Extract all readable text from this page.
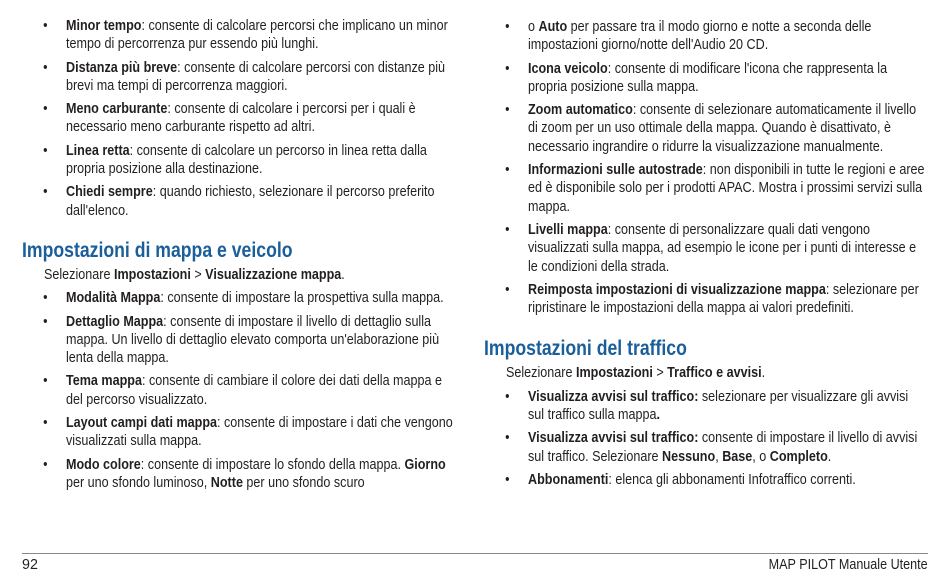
• Minor tempo: consente di calcolare percorsi che implicano un minor tempo di percorrenza pur essendo più lunghi.
• Distanza più breve: consente di calcolare percorsi con distanze più brevi ma tempi di percorrenza maggiori.
• Meno carburante: consente di calcolare i percorsi per i quali è necessario meno carburante rispetto ad altri.
• Linea retta: consente di calcolare un percorso in linea retta dalla propria posizione alla destinazione.
• Chiedi sempre: quando richiesto, selezionare il percorso preferito dall'elenco.
Impostazioni di mappa e veicolo
Selezionare Impostazioni > Visualizzazione mappa.
• Modalità Mappa: consente di impostare la prospettiva sulla mappa.
• Dettaglio Mappa: consente di impostare il livello di dettaglio sulla mappa. Un livello di dettaglio elevato comporta un'elaborazione più lenta della mappa.
• Tema mappa: consente di cambiare il colore dei dati della mappa e del percorso visualizzato.
• Layout campi dati mappa: consente di impostare i dati che vengono visualizzati sulla mappa.
• Modo colore: consente di impostare lo sfondo della mappa. Giorno per uno sfondo luminoso, Notte per uno sfondo scuro
• o Auto per passare tra il modo giorno e notte a seconda delle impostazioni giorno/notte dell'Audio 20 CD.
• Icona veicolo: consente di modificare l'icona che rappresenta la propria posizione sulla mappa.
• Zoom automatico: consente di selezionare automaticamente il livello di zoom per un uso ottimale della mappa. Quando è disattivato, è necessario ingrandire o ridurre la visualizzazione manualmente.
• Informazioni sulle autostrade: non disponibili in tutte le regioni e aree ed è disponibile solo per i prodotti APAC. Mostra i prossimi servizi sulla mappa.
• Livelli mappa: consente di personalizzare quali dati vengono visualizzati sulla mappa, ad esempio le icone per i punti di interesse e le condizioni della strada.
• Reimposta impostazioni di visualizzazione mappa: selezionare per ripristinare le impostazioni della mappa ai valori predefiniti.
Impostazioni del traffico
Selezionare Impostazioni > Traffico e avvisi.
• Visualizza avvisi sul traffico: selezionare per visualizzare gli avvisi sul traffico sulla mappa.
• Visualizza avvisi sul traffico: consente di impostare il livello di avvisi sul traffico. Selezionare Nessuno, Base, o Completo.
• Abbonamenti: elenca gli abbonamenti Infotraffico correnti.
92	MAP PILOT Manuale Utente
